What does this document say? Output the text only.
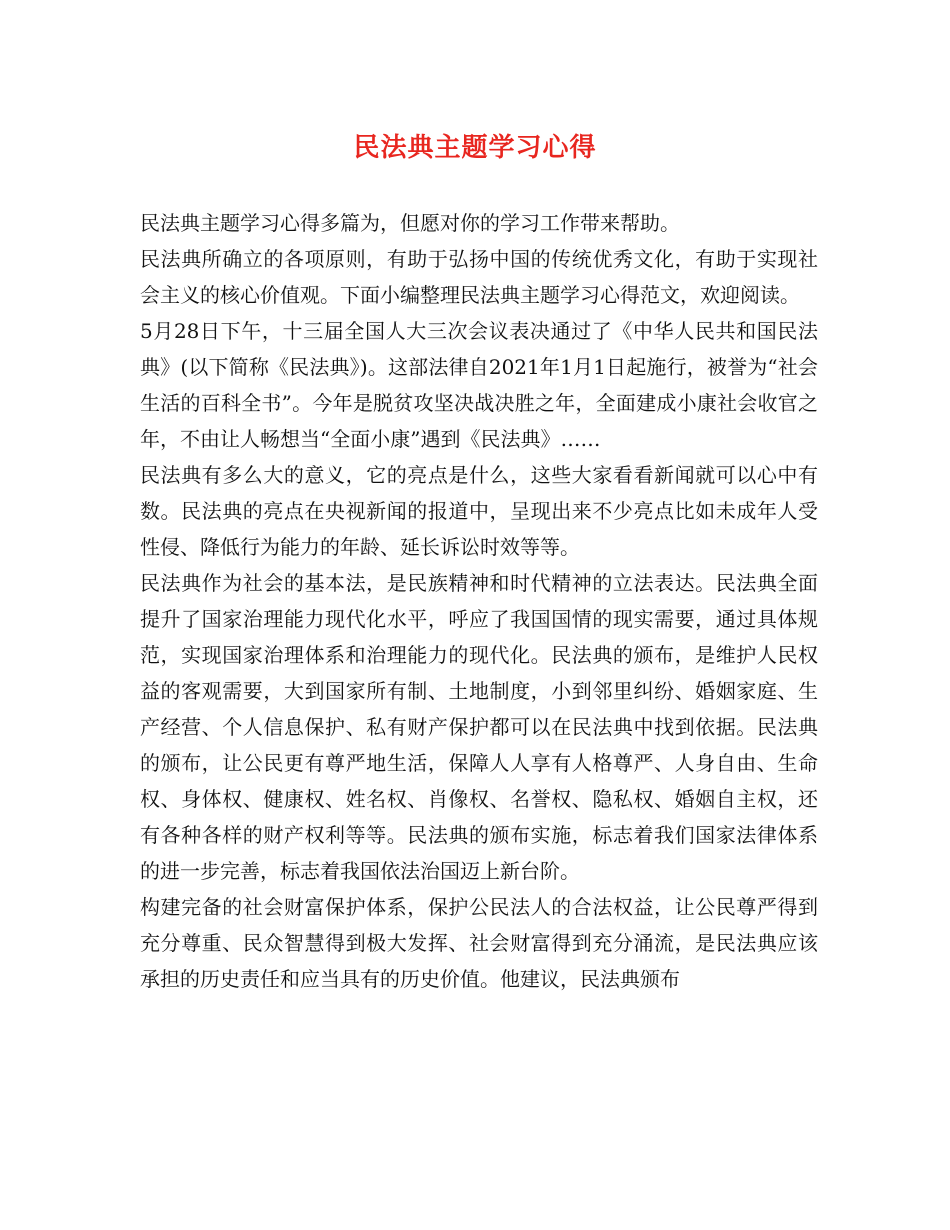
民法典主题学习心得

民法典主题学习心得多篇为，但愿对你的学习工作带来帮助。

民法典所确立的各项原则，有助于弘扬中国的传统优秀文化，有助于实现社会主义的核心价值观。下面小编整理民法典主题学习心得范文，欢迎阅读。

5月28日下午，十三届全国人大三次会议表决通过了《中华人民共和国民法典》(以下简称《民法典》)。这部法律自2021年1月1日起施行，被誉为“社会生活的百科全书”。今年是脱贫攻坚决战决胜之年，全面建成小康社会收官之年，不由让人畅想当“全面小康”遇到《民法典》……

民法典有多么大的意义，它的亮点是什么，这些大家看看新闻就可以心中有数。民法典的亮点在央视新闻的报道中，呈现出来不少亮点比如未成年人受性侵、降低行为能力的年龄、延长诉讼时效等等。

民法典作为社会的基本法，是民族精神和时代精神的立法表达。民法典全面提升了国家治理能力现代化水平，呼应了我国国情的现实需要，通过具体规范，实现国家治理体系和治理能力的现代化。民法典的颁布，是维护人民权益的客观需要，大到国家所有制、土地制度，小到邻里纠纷、婚姻家庭、生产经营、个人信息保护、私有财产保护都可以在民法典中找到依据。民法典的颁布，让公民更有尊严地生活，保障人人享有人格尊严、人身自由、生命权、身体权、健康权、姓名权、肖像权、名誉权、隐私权、婚姻自主权，还有各种各样的财产权利等等。民法典的颁布实施，标志着我们国家法律体系的进一步完善，标志着我国依法治国迈上新台阶。

构建完备的社会财富保护体系，保护公民法人的合法权益，让公民尊严得到充分尊重、民众智慧得到极大发挥、社会财富得到充分涌流，是民法典应该承担的历史责任和应当具有的历史价值。他建议，民法典颁布
